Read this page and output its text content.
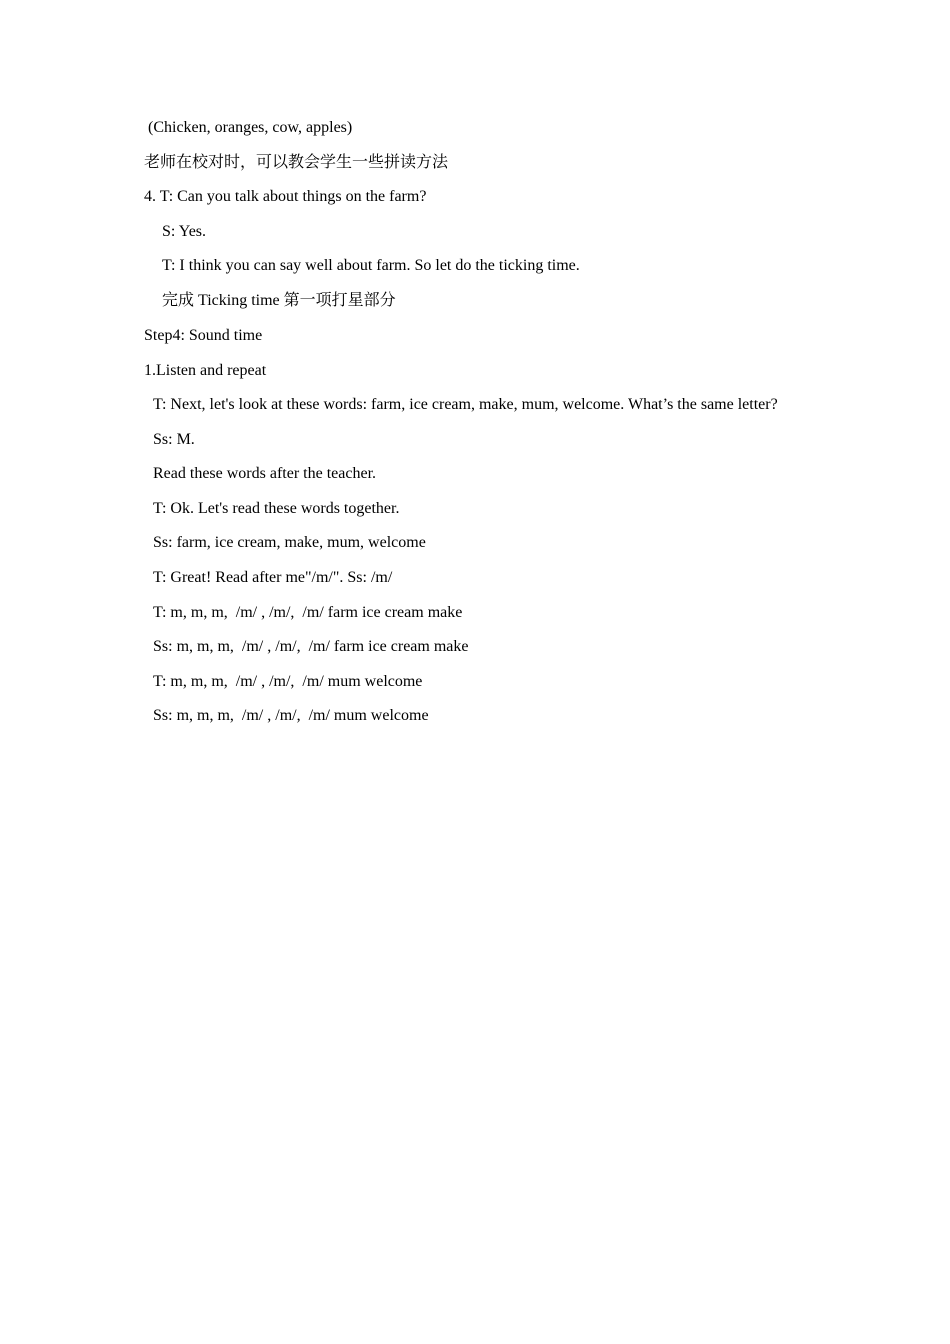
(Chicken, oranges, cow, apples)
老师在校对时，可以教会学生一些拼读方法
4. T: Can you talk about things on the farm?
S: Yes.
T: I think you can say well about farm. So let do the ticking time.
完成 Ticking time 第一项打星部分
Step4: Sound time
1.Listen and repeat
T: Next, let's look at these words: farm, ice cream, make, mum, welcome. What’s the same letter?
Ss: M.
Read these words after the teacher.
T: Ok. Let's read these words together.
Ss: farm, ice cream, make, mum, welcome
T: Great! Read after me"/m/". Ss: /m/
T: m, m, m,  /m/ , /m/,  /m/ farm ice cream make
Ss: m, m, m,  /m/ , /m/,  /m/ farm ice cream make
T: m, m, m,  /m/ , /m/,  /m/ mum welcome
Ss: m, m, m,  /m/ , /m/,  /m/ mum welcome
